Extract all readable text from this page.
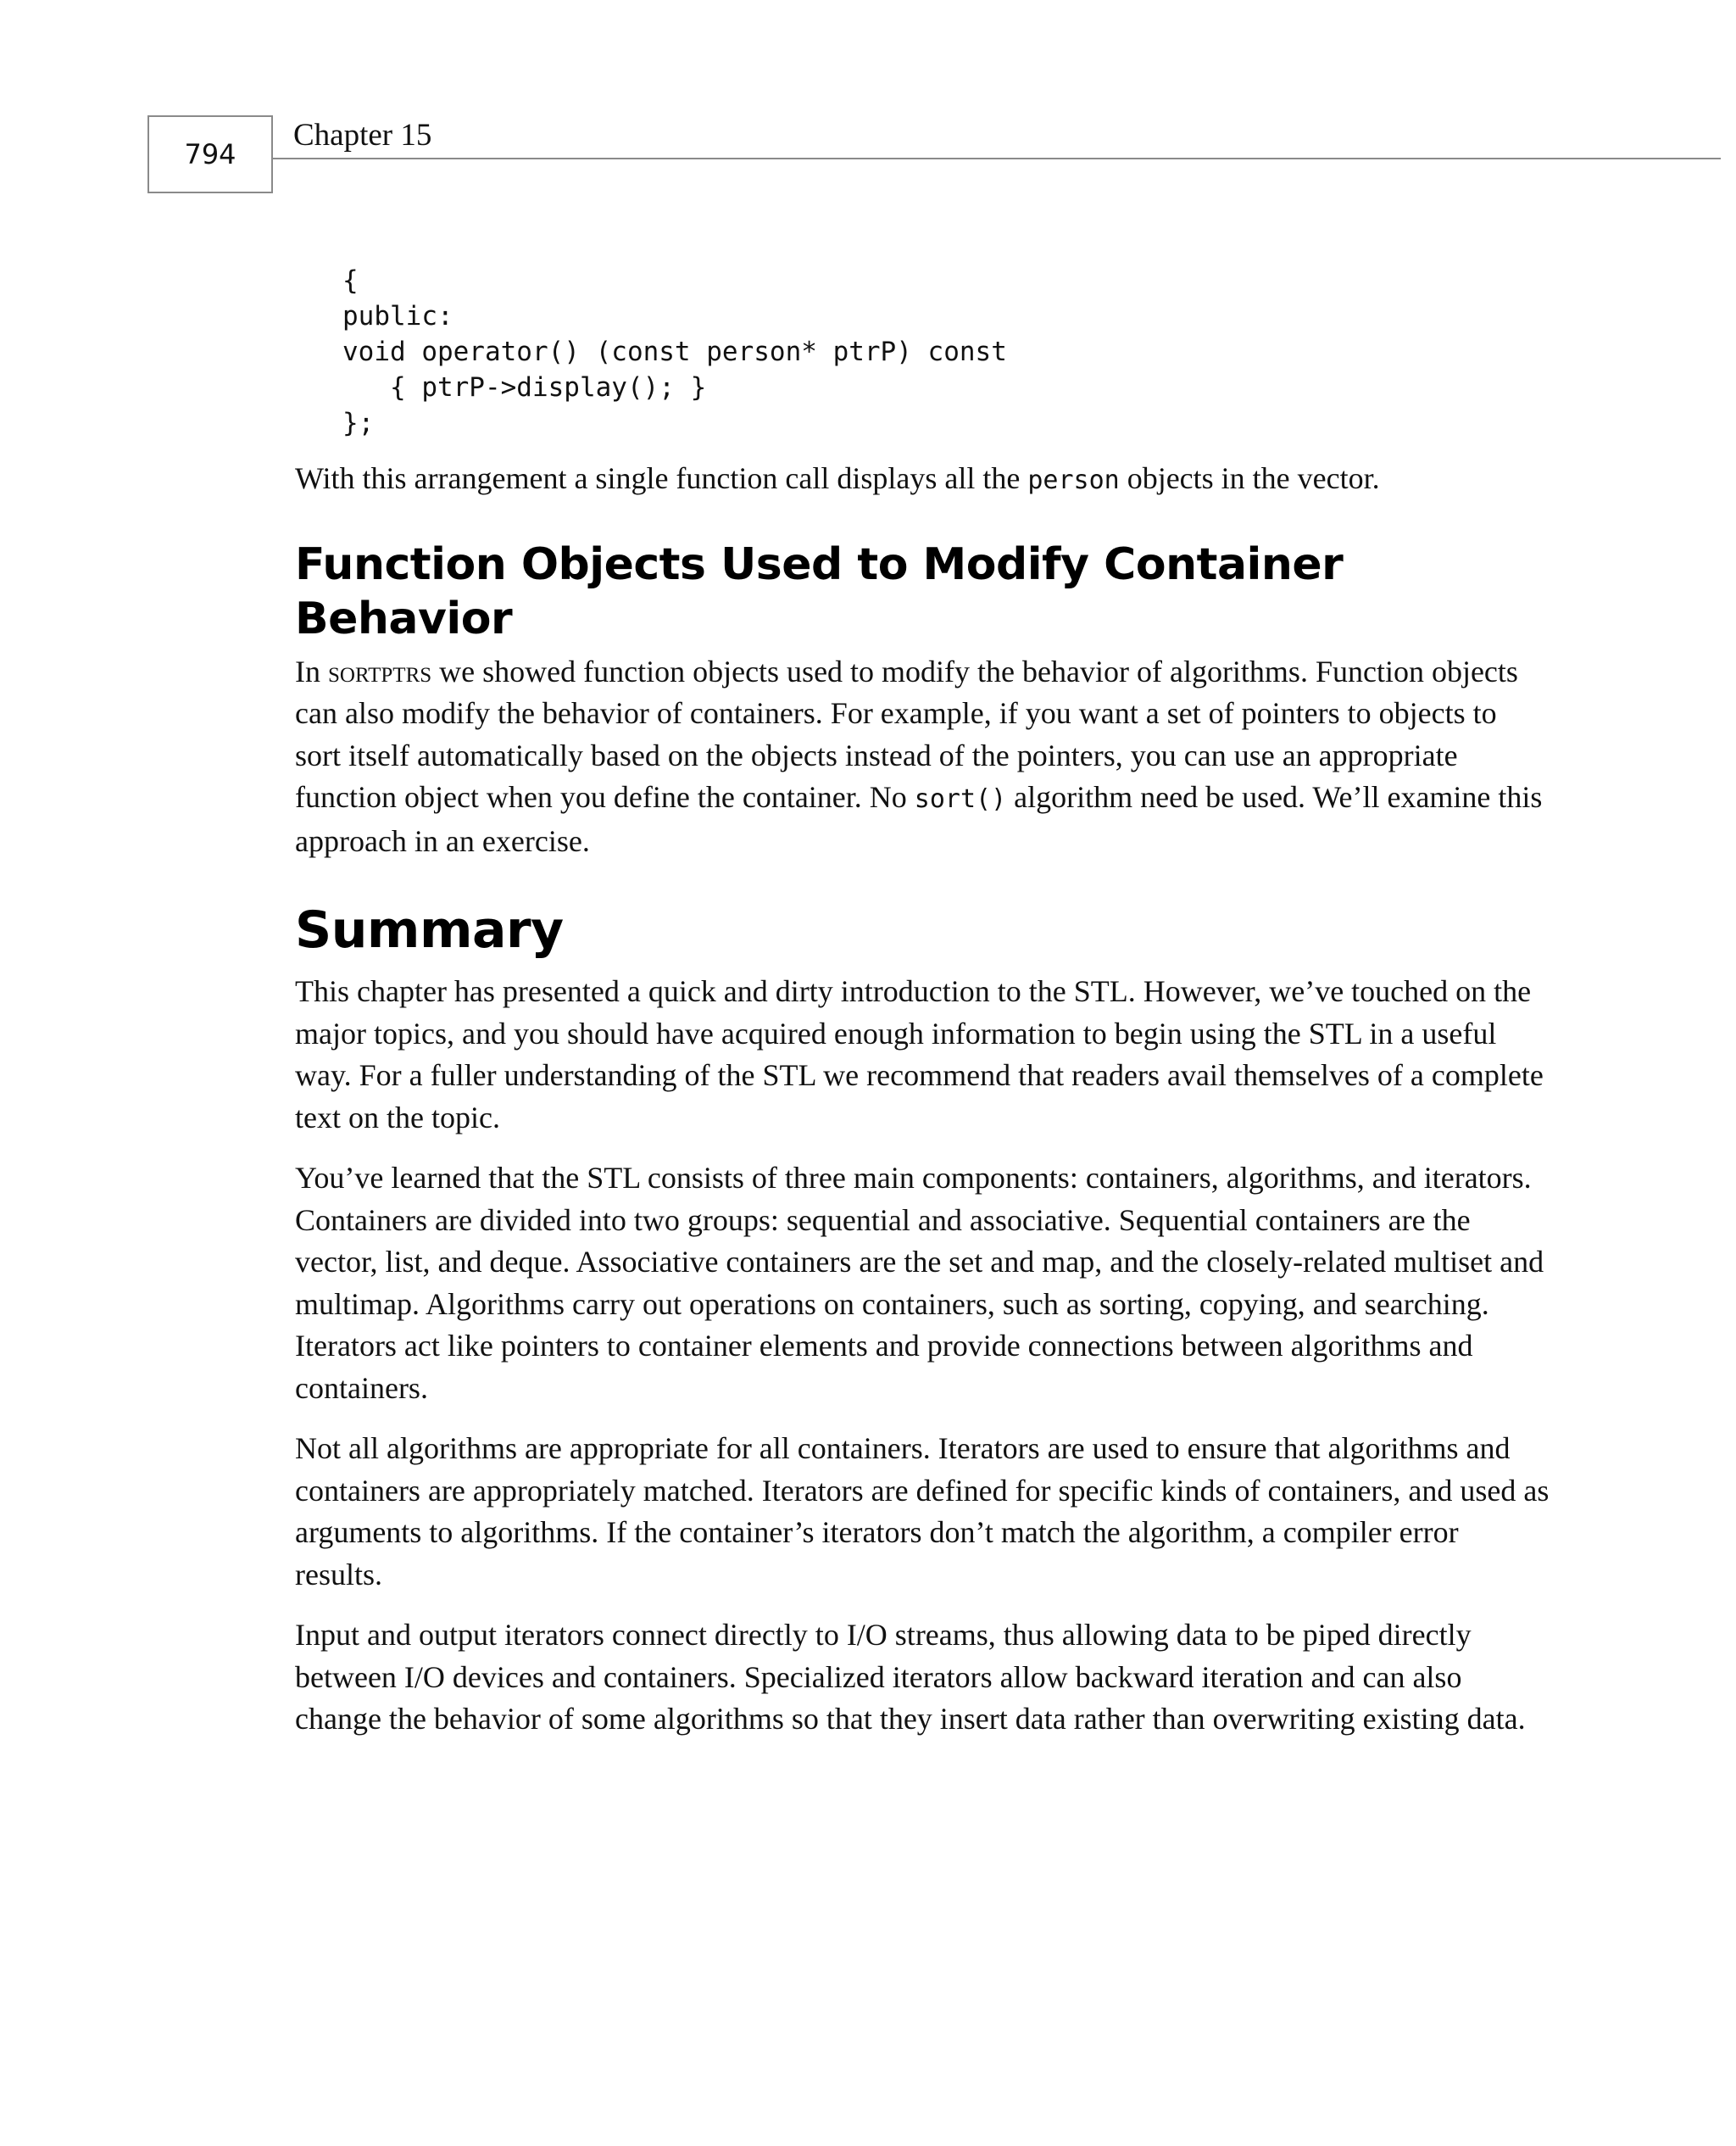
794
Chapter 15
{
public:
void operator() (const person* ptrP) const
{ ptrP->display(); }
};

With this arrangement a single function call displays all the person objects in the vector.

Function Objects Used to Modify Container Behavior

In sortptrs we showed function objects used to modify the behavior of algorithms. Function objects can also modify the behavior of containers. For example, if you want a set of pointers to objects to sort itself automatically based on the objects instead of the pointers, you can use an appropriate function object when you define the container. No sort() algorithm need be used. We’ll examine this approach in an exercise.

Summary

This chapter has presented a quick and dirty introduction to the STL. However, we’ve touched on the major topics, and you should have acquired enough information to begin using the STL in a useful way. For a fuller understanding of the STL we recommend that readers avail themselves of a complete text on the topic.

You’ve learned that the STL consists of three main components: containers, algorithms, and iterators. Containers are divided into two groups: sequential and associative. Sequential containers are the vector, list, and deque. Associative containers are the set and map, and the closely-related multiset and multimap. Algorithms carry out operations on containers, such as sorting, copying, and searching. Iterators act like pointers to container elements and provide connections between algorithms and containers.

Not all algorithms are appropriate for all containers. Iterators are used to ensure that algorithms and containers are appropriately matched. Iterators are defined for specific kinds of containers, and used as arguments to algorithms. If the container’s iterators don’t match the algorithm, a compiler error results.

Input and output iterators connect directly to I/O streams, thus allowing data to be piped directly between I/O devices and containers. Specialized iterators allow backward iteration and can also change the behavior of some algorithms so that they insert data rather than overwriting existing data.
